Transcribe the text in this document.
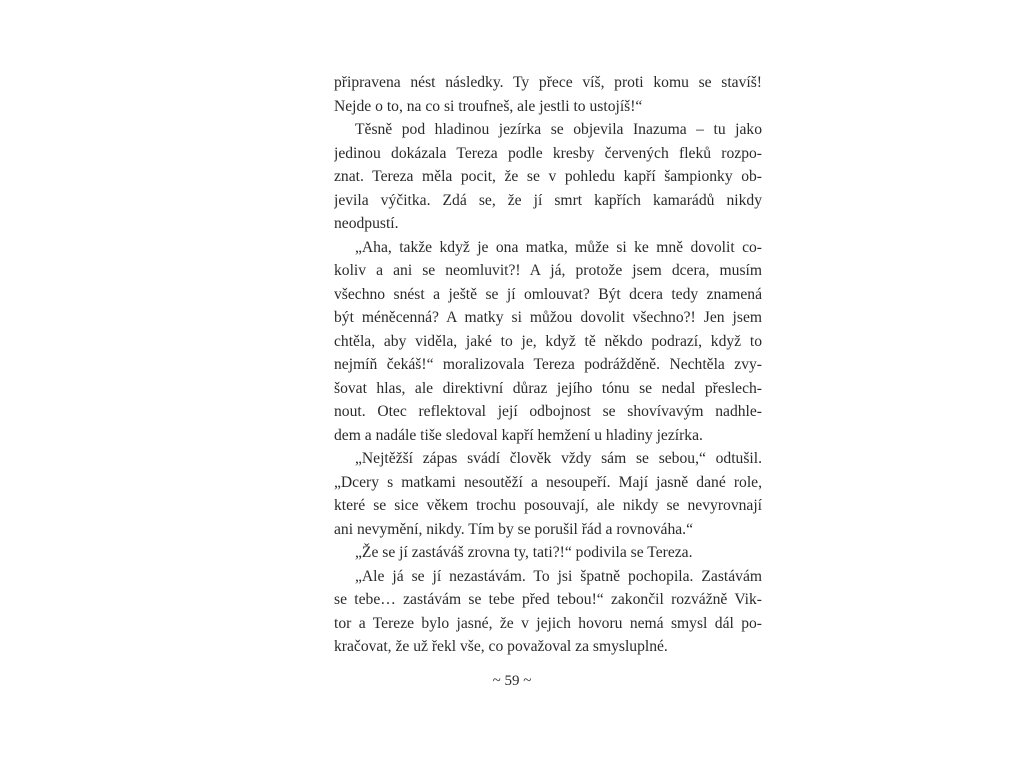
připravena nést následky. Ty přece víš, proti komu se stavíš!
Nejde o to, na co si troufneš, ale jestli to ustojíš!“
Těsně pod hladinou jezírka se objevila Inazuma – tu jako
jedinou dokázala Tereza podle kresby červených fleků rozpo-
znat. Tereza měla pocit, že se v pohledu kapří šampionky ob-
jevila výčitka. Zdá se, že jí smrt kapřích kamarádů nikdy
neodpustí.
„Aha, takže když je ona matka, může si ke mně dovolit co-
koliv a ani se neomluvit?! A já, protože jsem dcera, musím
všechno snést a ještě se jí omlouvat? Být dcera tedy znamená
být méněcenná? A matky si můžou dovolit všechno?! Jen jsem
chtěla, aby viděla, jaké to je, když tě někdo podrazí, když to
nejmíň čekáš!“ moralizovala Tereza podrážděně. Nechtěla zvy-
šovat hlas, ale direktivní důraz jejího tónu se nedal přeslech-
nout. Otec reflektoval její odbojnost se shovívavým nadhle-
dem a nadále tiše sledoval kapří hemžení u hladiny jezírka.
„Nejtěžší zápas svádí člověk vždy sám se sebou,“ odtušil.
„Dcery s matkami nesoutěží a nesoupeří. Mají jasně dané role,
které se sice věkem trochu posouvají, ale nikdy se nevyrovnají
ani nevymění, nikdy. Tím by se porušil řád a rovnováha.“
„Že se jí zastáváš zrovna ty, tati?!“ podivila se Tereza.
„Ale já se jí nezastávám. To jsi špatně pochopila. Zastávám
se tebe… zastávám se tebe před tebou!“ zakončil rozvážně Vik-
tor a Tereze bylo jasné, že v jejich hovoru nemá smysl dál po-
kračovat, že už řekl vše, co považoval za smysluplné.
~ 59 ~
